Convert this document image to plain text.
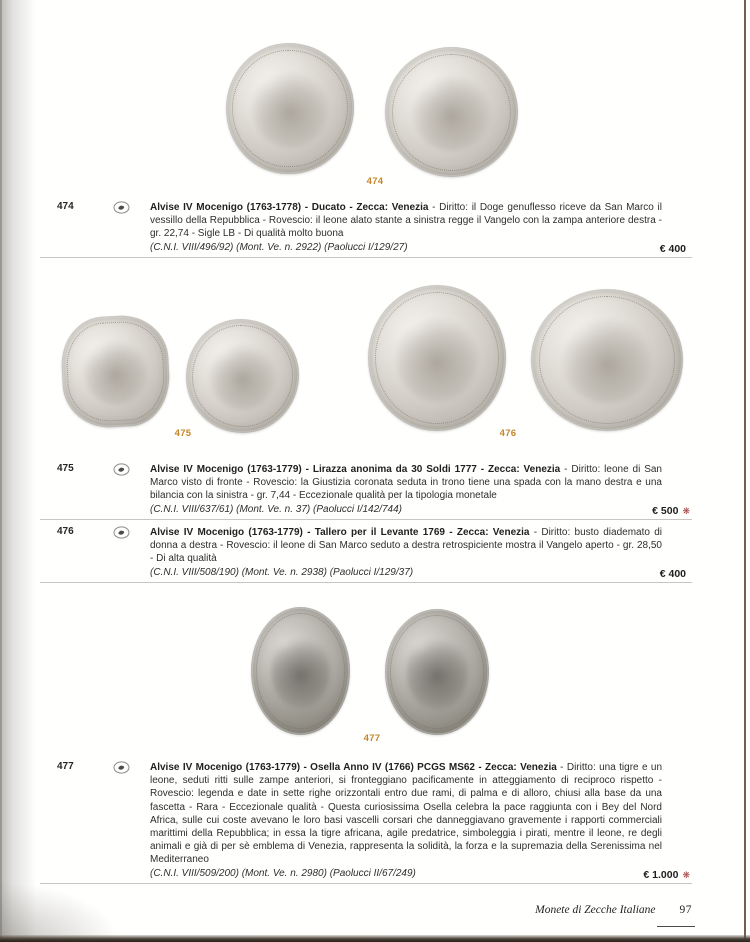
474
474	Alvise IV Mocenigo (1763-1778) - Ducato - Zecca: Venezia - Diritto: il Doge genuflesso riceve da San Marco il vessillo della Repubblica - Rovescio: il leone alato stante a sinistra regge il Vangelo con la zampa anteriore destra - gr. 22,74 - Sigle LB - Di qualità molto buona
(C.N.I. VIII/496/92) (Mont. Ve. n. 2922) (Paolucci I/129/27)	€ 400
475	476
475	Alvise IV Mocenigo (1763-1779) - Lirazza anonima da 30 Soldi 1777 - Zecca: Venezia - Diritto: leone di San Marco visto di fronte - Rovescio: la Giustizia coronata seduta in trono tiene una spada con la mano destra e una bilancia con la sinistra - gr. 7,44 - Eccezionale qualità per la tipologia monetale
(C.N.I. VIII/637/61) (Mont. Ve. n. 37) (Paolucci I/142/744)	€ 500 ❋
476	Alvise IV Mocenigo (1763-1779) - Tallero per il Levante 1769 - Zecca: Venezia - Diritto: busto diademato di donna a destra - Rovescio: il leone di San Marco seduto a destra retrospiciente mostra il Vangelo aperto - gr. 28,50 - Di alta qualità
(C.N.I. VIII/508/190) (Mont. Ve. n. 2938) (Paolucci I/129/37)	€ 400
477
477	Alvise IV Mocenigo (1763-1779) - Osella Anno IV (1766) PCGS MS62 - Zecca: Venezia - Diritto: una tigre e un leone, seduti ritti sulle zampe anteriori, si fronteggiano pacificamente in atteggiamento di reciproco rispetto - Rovescio: legenda e date in sette righe orizzontali entro due rami, di palma e di alloro, chiusi alla base da una fascetta - Rara - Eccezionale qualità - Questa curiosissima Osella celebra la pace raggiunta con i Bey del Nord Africa, sulle cui coste avevano le loro basi vascelli corsari che danneggiavano gravemente i rapporti commerciali marittimi della Repubblica; in essa la tigre africana, agile predatrice, simboleggia i pirati, mentre il leone, re degli animali e già di per sè emblema di Venezia, rappresenta la solidità, la forza e la supremazia della Serenissima nel Mediterraneo
(C.N.I. VIII/509/200) (Mont. Ve. n. 2980) (Paolucci II/67/249)	€ 1.000 ❋
Monete di Zecche Italiane 97
